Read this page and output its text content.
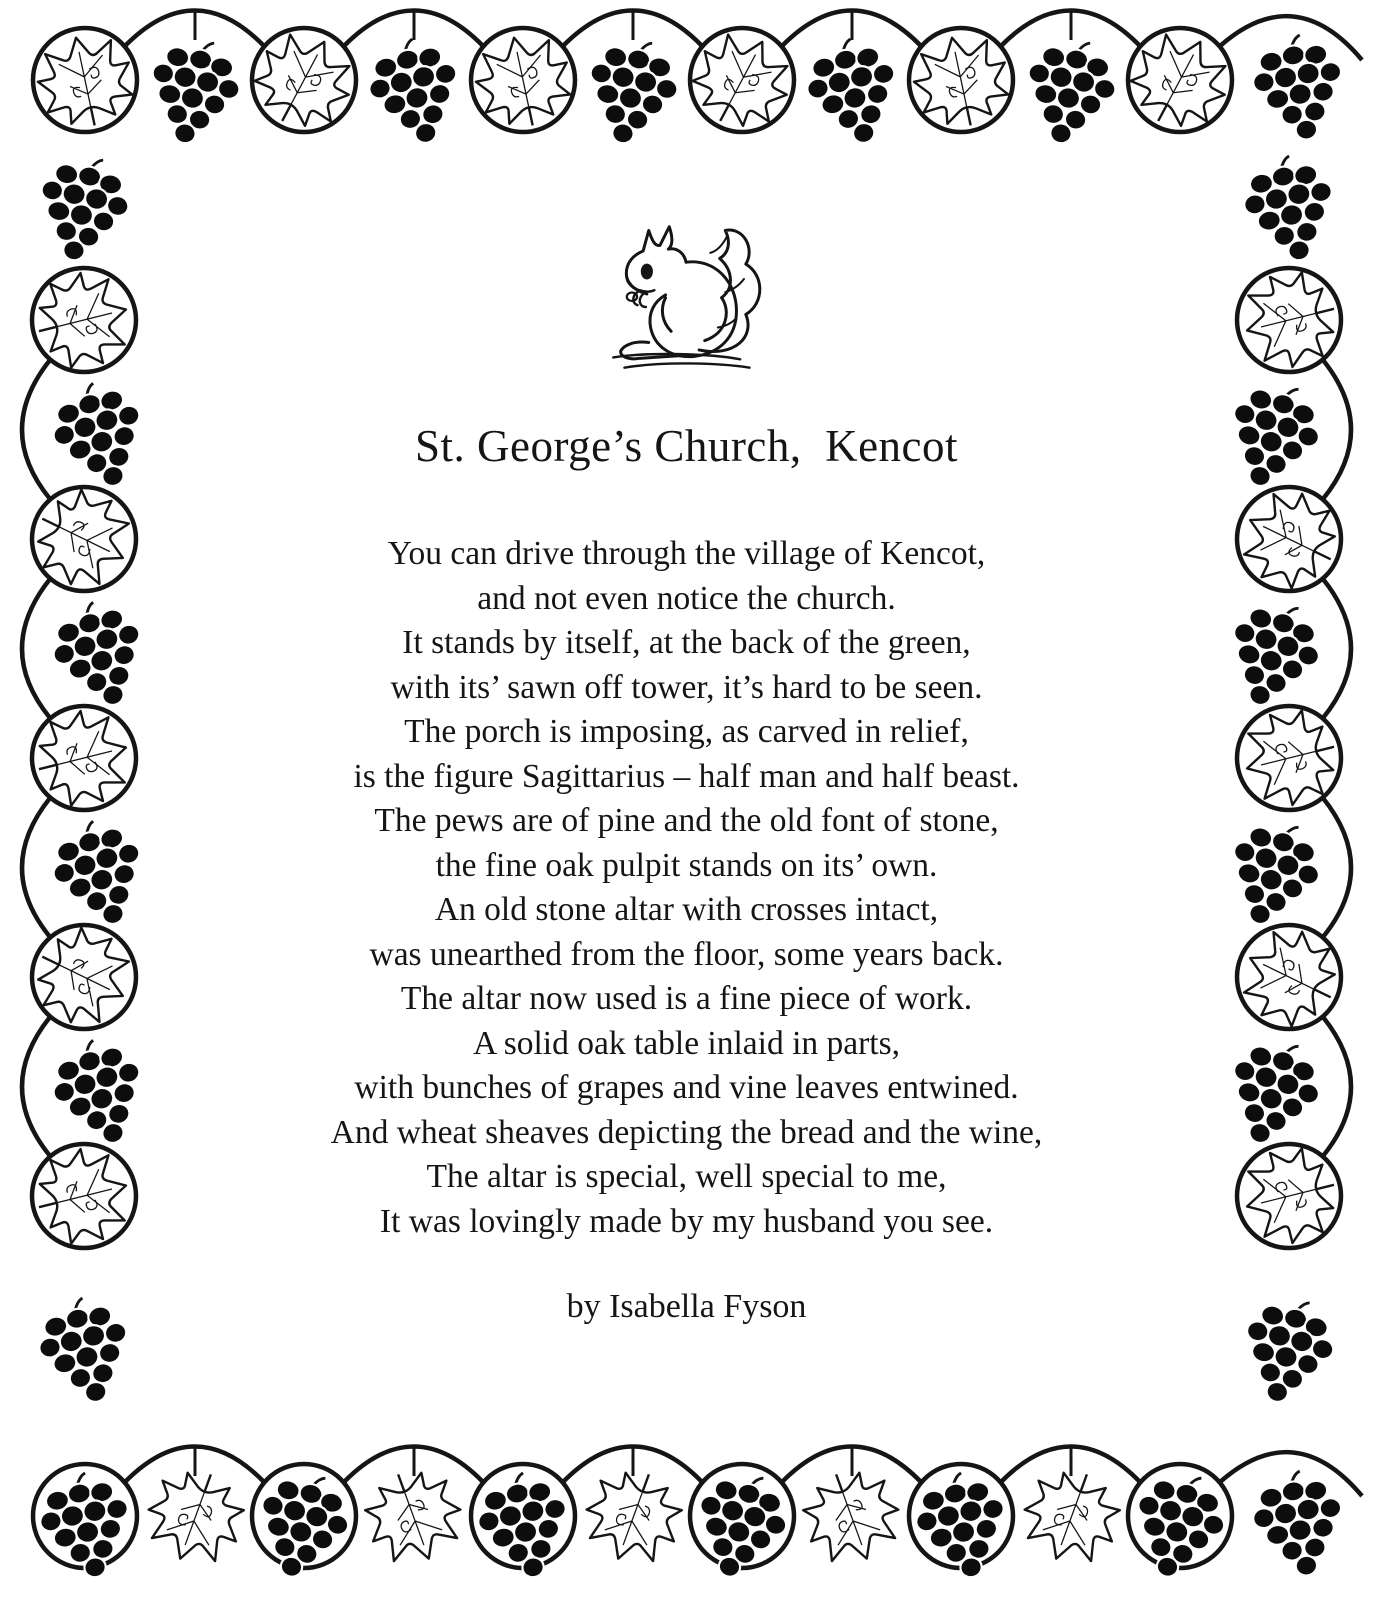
St. George’s Church,  Kencot
You can drive through the village of Kencot,
and not even notice the church.
It stands by itself, at the back of the green,
with its’ sawn off tower, it’s hard to be seen.
The porch is imposing, as carved in relief,
is the figure Sagittarius – half man and half beast.
The pews are of pine and the old font of stone,
the fine oak pulpit stands on its’ own.
An old stone altar with crosses intact,
was unearthed from the floor, some years back.
The altar now used is a fine piece of work.
A solid oak table inlaid in parts,
with bunches of grapes and vine leaves entwined.
And wheat sheaves depicting the bread and the wine,
The altar is special, well special to me,
It was lovingly made by my husband you see.
by Isabella Fyson
